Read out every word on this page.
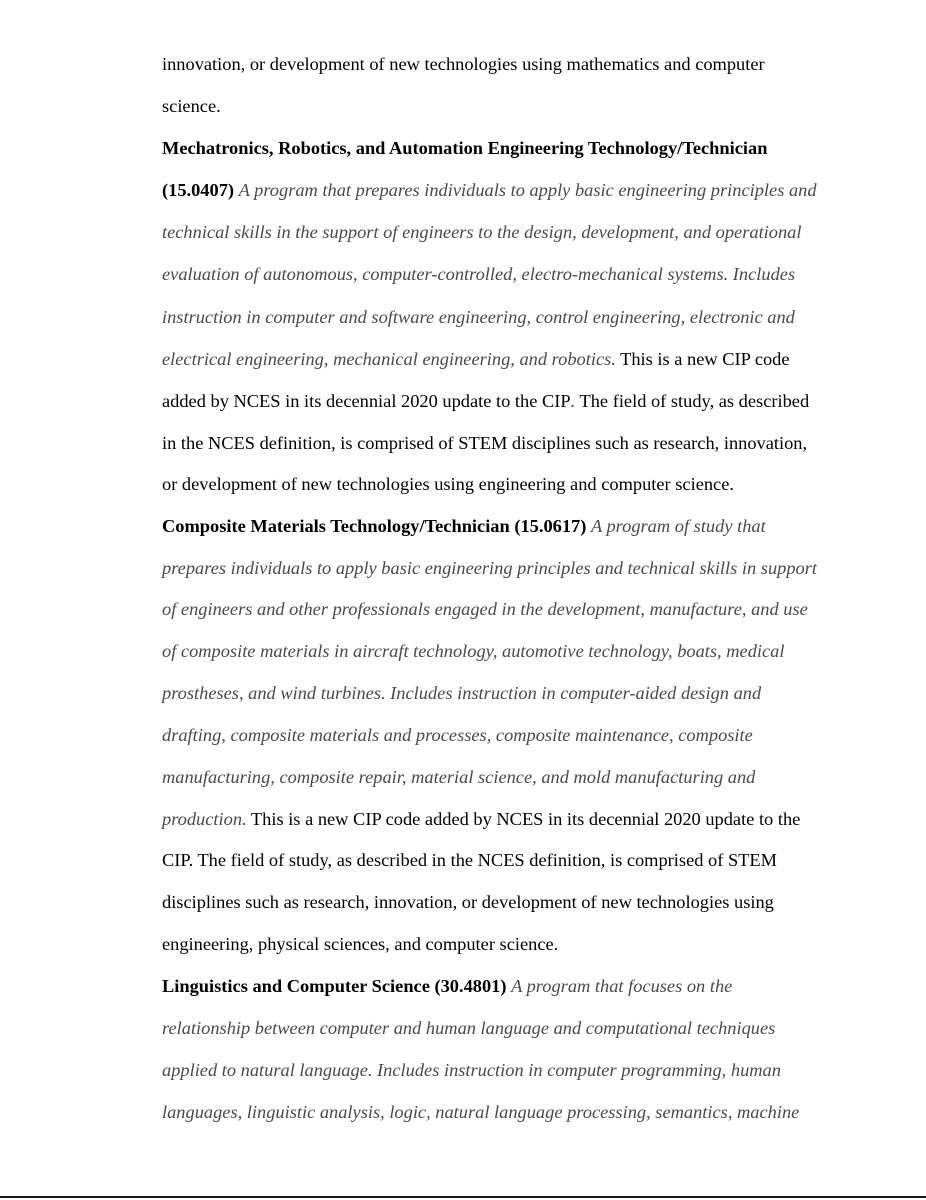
innovation, or development of new technologies using mathematics and computer

science.

Mechatronics, Robotics, and Automation Engineering Technology/Technician

(15.0407) A program that prepares individuals to apply basic engineering principles and

technical skills in the support of engineers to the design, development, and operational

evaluation of autonomous, computer-controlled, electro-mechanical systems. Includes

instruction in computer and software engineering, control engineering, electronic and

electrical engineering, mechanical engineering, and robotics. This is a new CIP code

added by NCES in its decennial 2020 update to the CIP. The field of study, as described

in the NCES definition, is comprised of STEM disciplines such as research, innovation,

or development of new technologies using engineering and computer science.

Composite Materials Technology/Technician (15.0617) A program of study that

prepares individuals to apply basic engineering principles and technical skills in support

of engineers and other professionals engaged in the development, manufacture, and use

of composite materials in aircraft technology, automotive technology, boats, medical

prostheses, and wind turbines. Includes instruction in computer-aided design and

drafting, composite materials and processes, composite maintenance, composite

manufacturing, composite repair, material science, and mold manufacturing and

production. This is a new CIP code added by NCES in its decennial 2020 update to the

CIP. The field of study, as described in the NCES definition, is comprised of STEM

disciplines such as research, innovation, or development of new technologies using

engineering, physical sciences, and computer science.

Linguistics and Computer Science (30.4801) A program that focuses on the

relationship between computer and human language and computational techniques

applied to natural language. Includes instruction in computer programming, human

languages, linguistic analysis, logic, natural language processing, semantics, machine
